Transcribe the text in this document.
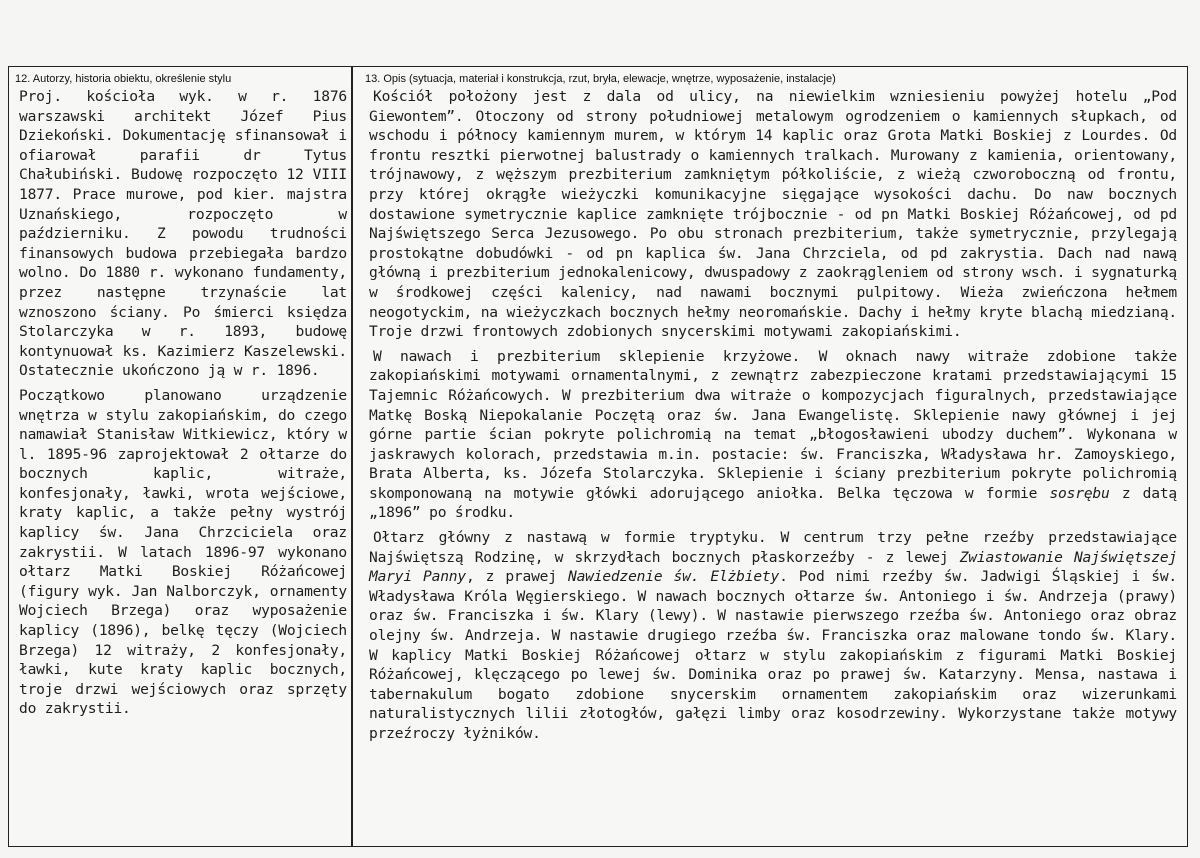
12. Autorzy, historia obiektu, określenie stylu

Proj. kościoła wyk. w r. 1876 warszawski architekt Józef Pius Dziekoński. Dokumentację sfinansował i ofiarował parafii dr Tytus Chałubiński. Budowę rozpoczęto 12 VIII 1877. Prace murowe, pod kier. majstra Uznańskiego, rozpoczęto w październiku. Z powodu trudności finansowych budowa przebiegała bardzo wolno. Do 1880 r. wykonano fundamenty, przez następne trzynaście lat wznoszono ściany. Po śmierci księdza Stolarczyka w r. 1893, budowę kontynuował ks. Kazimierz Kaszelewski. Ostatecznie ukończono ją w r. 1896.

Początkowo planowano urządzenie wnętrza w stylu zakopiańskim, do czego namawiał Stanisław Witkiewicz, który w l. 1895-96 zaprojektował 2 ołtarze do bocznych kaplic, witraże, konfesjonały, ławki, wrota wejściowe, kraty kaplic, a także pełny wystrój kaplicy św. Jana Chrzciciela oraz zakrystii. W latach 1896-97 wykonano ołtarz Matki Boskiej Różańcowej (figury wyk. Jan Nalborczyk, ornamenty Wojciech Brzega) oraz wyposażenie kaplicy (1896), belkę tęczy (Wojciech Brzega) 12 witraży, 2 konfesjonały, ławki, kute kraty kaplic bocznych, troje drzwi wejściowych oraz sprzęty do zakrystii.

13. Opis (sytuacja, materiał i konstrukcja, rzut, bryła, elewacje, wnętrze, wyposażenie, instalacje)

Kościół położony jest z dala od ulicy, na niewielkim wzniesieniu powyżej hotelu „Pod Giewontem”. Otoczony od strony południowej metalowym ogrodzeniem o kamiennych słupkach, od wschodu i północy kamiennym murem, w którym 14 kaplic oraz Grota Matki Boskiej z Lourdes. Od frontu resztki pierwotnej balustrady o kamiennych tralkach. Murowany z kamienia, orientowany, trójnawowy, z węższym prezbiterium zamkniętym półkoliście, z wieżą czworoboczną od frontu, przy której okrągłe wieżyczki komunikacyjne sięgające wysokości dachu. Do naw bocznych dostawione symetrycznie kaplice zamknięte trójbocznie - od pn Matki Boskiej Różańcowej, od pd Najświętszego Serca Jezusowego. Po obu stronach prezbiterium, także symetrycznie, przylegają prostokątne dobudówki - od pn kaplica św. Jana Chrzciela, od pd zakrystia. Dach nad nawą główną i prezbiterium jednokalenicowy, dwuspadowy z zaokrągleniem od strony wsch. i sygnaturką w środkowej części kalenicy, nad nawami bocznymi pulpitowy. Wieża zwieńczona hełmem neogotyckim, na wieżyczkach bocznych hełmy neoromańskie. Dachy i hełmy kryte blachą miedzianą. Troje drzwi frontowych zdobionych snycerskimi motywami zakopiańskimi.

W nawach i prezbiterium sklepienie krzyżowe. W oknach nawy witraże zdobione także zakopiańskimi motywami ornamentalnymi, z zewnątrz zabezpieczone kratami przedstawiającymi 15 Tajemnic Różańcowych. W prezbiterium dwa witraże o kompozycjach figuralnych, przedstawiające Matkę Boską Niepokalanie Poczętą oraz św. Jana Ewangelistę. Sklepienie nawy głównej i jej górne partie ścian pokryte polichromią na temat „błogosławieni ubodzy duchem”. Wykonana w jaskrawych kolorach, przedstawia m.in. postacie: św. Franciszka, Władysława hr. Zamoyskiego, Brata Alberta, ks. Józefa Stolarczyka. Sklepienie i ściany prezbiterium pokryte polichromią skomponowaną na motywie główki adorującego aniołka. Belka tęczowa w formie sosrębu z datą „1896” po środku.

Ołtarz główny z nastawą w formie tryptyku. W centrum trzy pełne rzeźby przedstawiające Najświętszą Rodzinę, w skrzydłach bocznych płaskorzeźby - z lewej Zwiastowanie Najświętszej Maryi Panny, z prawej Nawiedzenie św. Elżbiety. Pod nimi rzeźby św. Jadwigi Śląskiej i św. Władysława Króla Węgierskiego. W nawach bocznych ołtarze św. Antoniego i św. Andrzeja (prawy) oraz św. Franciszka i św. Klary (lewy). W nastawie pierwszego rzeźba św. Antoniego oraz obraz olejny św. Andrzeja. W nastawie drugiego rzeźba św. Franciszka oraz malowane tondo św. Klary. W kaplicy Matki Boskiej Różańcowej ołtarz w stylu zakopiańskim z figurami Matki Boskiej Różańcowej, klęczącego po lewej św. Dominika oraz po prawej św. Katarzyny. Mensa, nastawa i tabernakulum bogato zdobione snycerskim ornamentem zakopiańskim oraz wizerunkami naturalistycznych lilii złotogłów, gałęzi limby oraz kosodrzewiny. Wykorzystane także motywy przeźroczy łyżników.
